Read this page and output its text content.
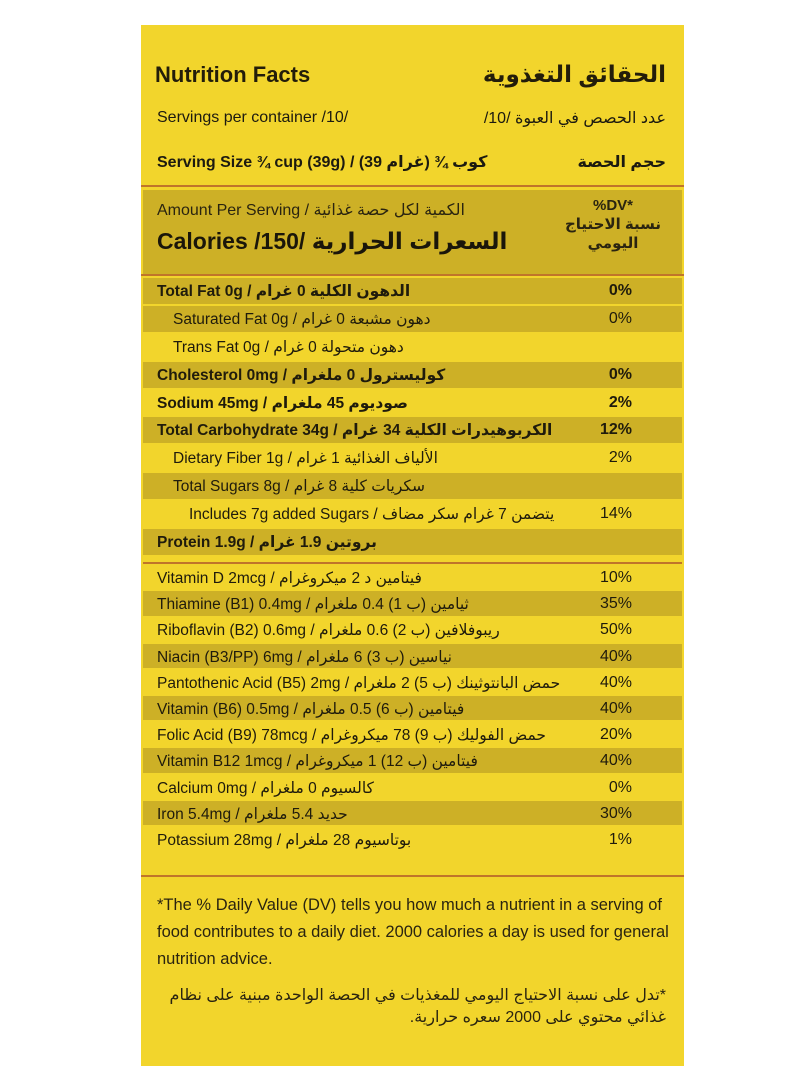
Nutrition Facts	الحقائق التغذوية
Servings per container /10/	عدد الحصص في العبوة /10/
Serving Size ¾ cup (39g) / (39 غرام) ¾ كوب	حجم الحصة
Amount Per Serving / الكمية لكل حصة غذائية
Calories /150/ السعرات الحرارية
%DV*
نسبة الاحتياج اليومي
Total Fat 0g / الدهون الكلية 0 غرام	0%
Saturated Fat 0g / دهون مشبعة 0 غرام	0%
Trans Fat 0g / دهون متحولة 0 غرام
Cholesterol 0mg / كوليسترول 0 ملغرام	0%
Sodium 45mg / صوديوم 45 ملغرام	2%
Total Carbohydrate 34g / الكربوهيدرات الكلية 34 غرام	12%
Dietary Fiber 1g / الألياف الغذائية 1 غرام	2%
Total Sugars 8g / سكريات كلية 8 غرام
Includes 7g added Sugars / يتضمن 7 غرام سكر مضاف	14%
Protein 1.9g / بروتين 1.9 غرام
Vitamin D 2mcg / فيتامين د 2 ميكروغرام	10%
Thiamine (B1) 0.4mg / ثيامين (ب 1) 0.4 ملغرام	35%
Riboflavin (B2) 0.6mg / ريبوفلافين (ب 2) 0.6 ملغرام	50%
Niacin (B3/PP) 6mg / نياسين (ب 3) 6 ملغرام	40%
Pantothenic Acid (B5) 2mg / حمض البانتوثينك (ب 5) 2 ملغرام 40%
Vitamin (B6) 0.5mg / فيتامين (ب 6) 0.5 ملغرام	40%
Folic Acid (B9) 78mcg / حمض الفوليك (ب 9) 78 ميكروغرام	20%
Vitamin B12 1mcg / فيتامين (ب 12) 1 ميكروغرام	40%
Calcium 0mg / كالسيوم 0 ملغرام	0%
Iron 5.4mg / حديد 5.4 ملغرام	30%
Potassium 28mg / بوتاسيوم 28 ملغرام	1%
*The % Daily Value (DV) tells you how much a nutrient in a serving of food contributes to a daily diet. 2000 calories a day is used for general nutrition advice.
*تدل على نسبة الاحتياج اليومي للمغذيات في الحصة الواحدة مبنية على نظام غذائي محتوي على 2000 سعره حرارية.
